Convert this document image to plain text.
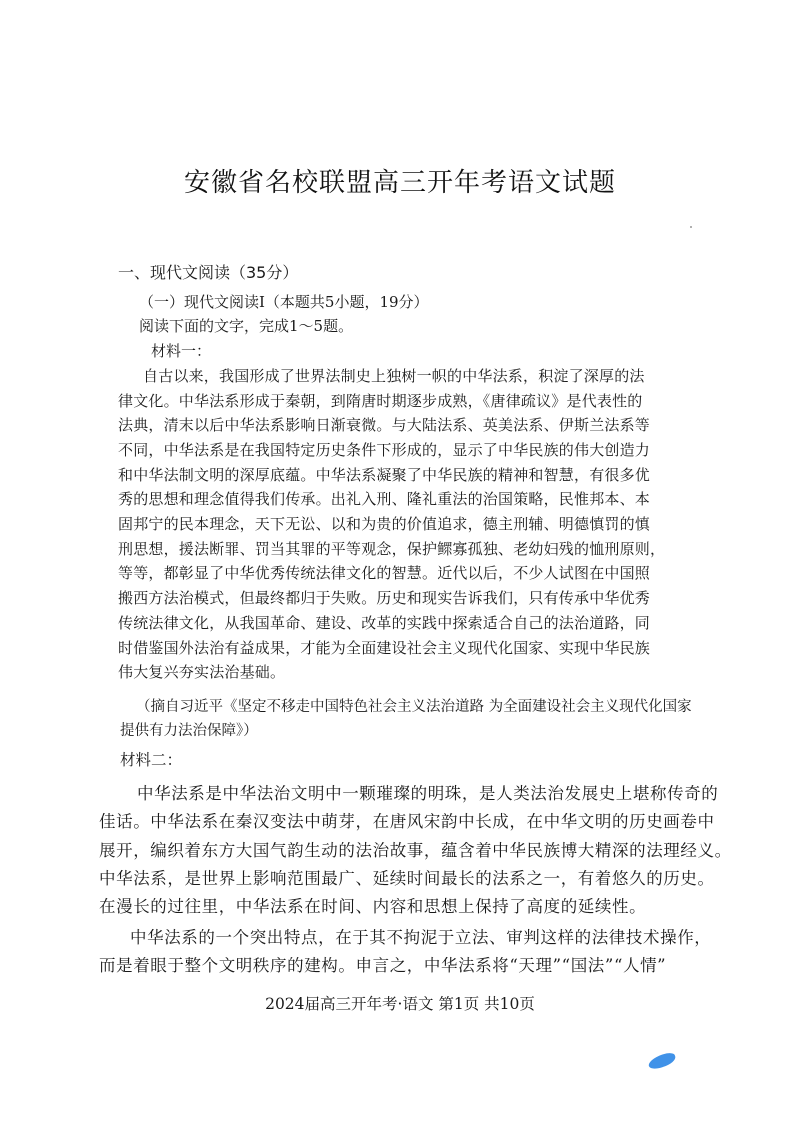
安徽省名校联盟高三开年考语文试题
一、现代文阅读（35分）
（一）现代文阅读Ⅰ（本题共5小题，19分）
阅读下面的文字，完成1～5题。
材料一：
自古以来，我国形成了世界法制史上独树一帜的中华法系，积淀了深厚的法
律文化。中华法系形成于秦朝，到隋唐时期逐步成熟，《唐律疏议》是代表性的
法典，清末以后中华法系影响日渐衰微。与大陆法系、英美法系、伊斯兰法系等
不同，中华法系是在我国特定历史条件下形成的，显示了中华民族的伟大创造力
和中华法制文明的深厚底蕴。中华法系凝聚了中华民族的精神和智慧，有很多优
秀的思想和理念值得我们传承。出礼入刑、隆礼重法的治国策略，民惟邦本、本
固邦宁的民本理念，天下无讼、以和为贵的价值追求，德主刑辅、明德慎罚的慎
刑思想，援法断罪、罚当其罪的平等观念，保护鳏寡孤独、老幼妇残的恤刑原则，
等等，都彰显了中华优秀传统法律文化的智慧。近代以后，不少人试图在中国照
搬西方法治模式，但最终都归于失败。历史和现实告诉我们，只有传承中华优秀
传统法律文化，从我国革命、建设、改革的实践中探索适合自己的法治道路，同
时借鉴国外法治有益成果，才能为全面建设社会主义现代化国家、实现中华民族
伟大复兴夯实法治基础。
（摘自习近平《坚定不移走中国特色社会主义法治道路 为全面建设社会主义现代化国家
提供有力法治保障》）
材料二：
中华法系是中华法治文明中一颗璀璨的明珠，是人类法治发展史上堪称传奇的
佳话。中华法系在秦汉变法中萌芽，在唐风宋韵中长成，在中华文明的历史画卷中
展开，编织着东方大国气韵生动的法治故事，蕴含着中华民族博大精深的法理经义。
中华法系，是世界上影响范围最广、延续时间最长的法系之一，有着悠久的历史。
在漫长的过往里，中华法系在时间、内容和思想上保持了高度的延续性。
中华法系的一个突出特点，在于其不拘泥于立法、审判这样的法律技术操作，
而是着眼于整个文明秩序的建构。申言之，中华法系将“天理”“国法”“人情”
2024届高三开年考·语文 第1页 共10页
